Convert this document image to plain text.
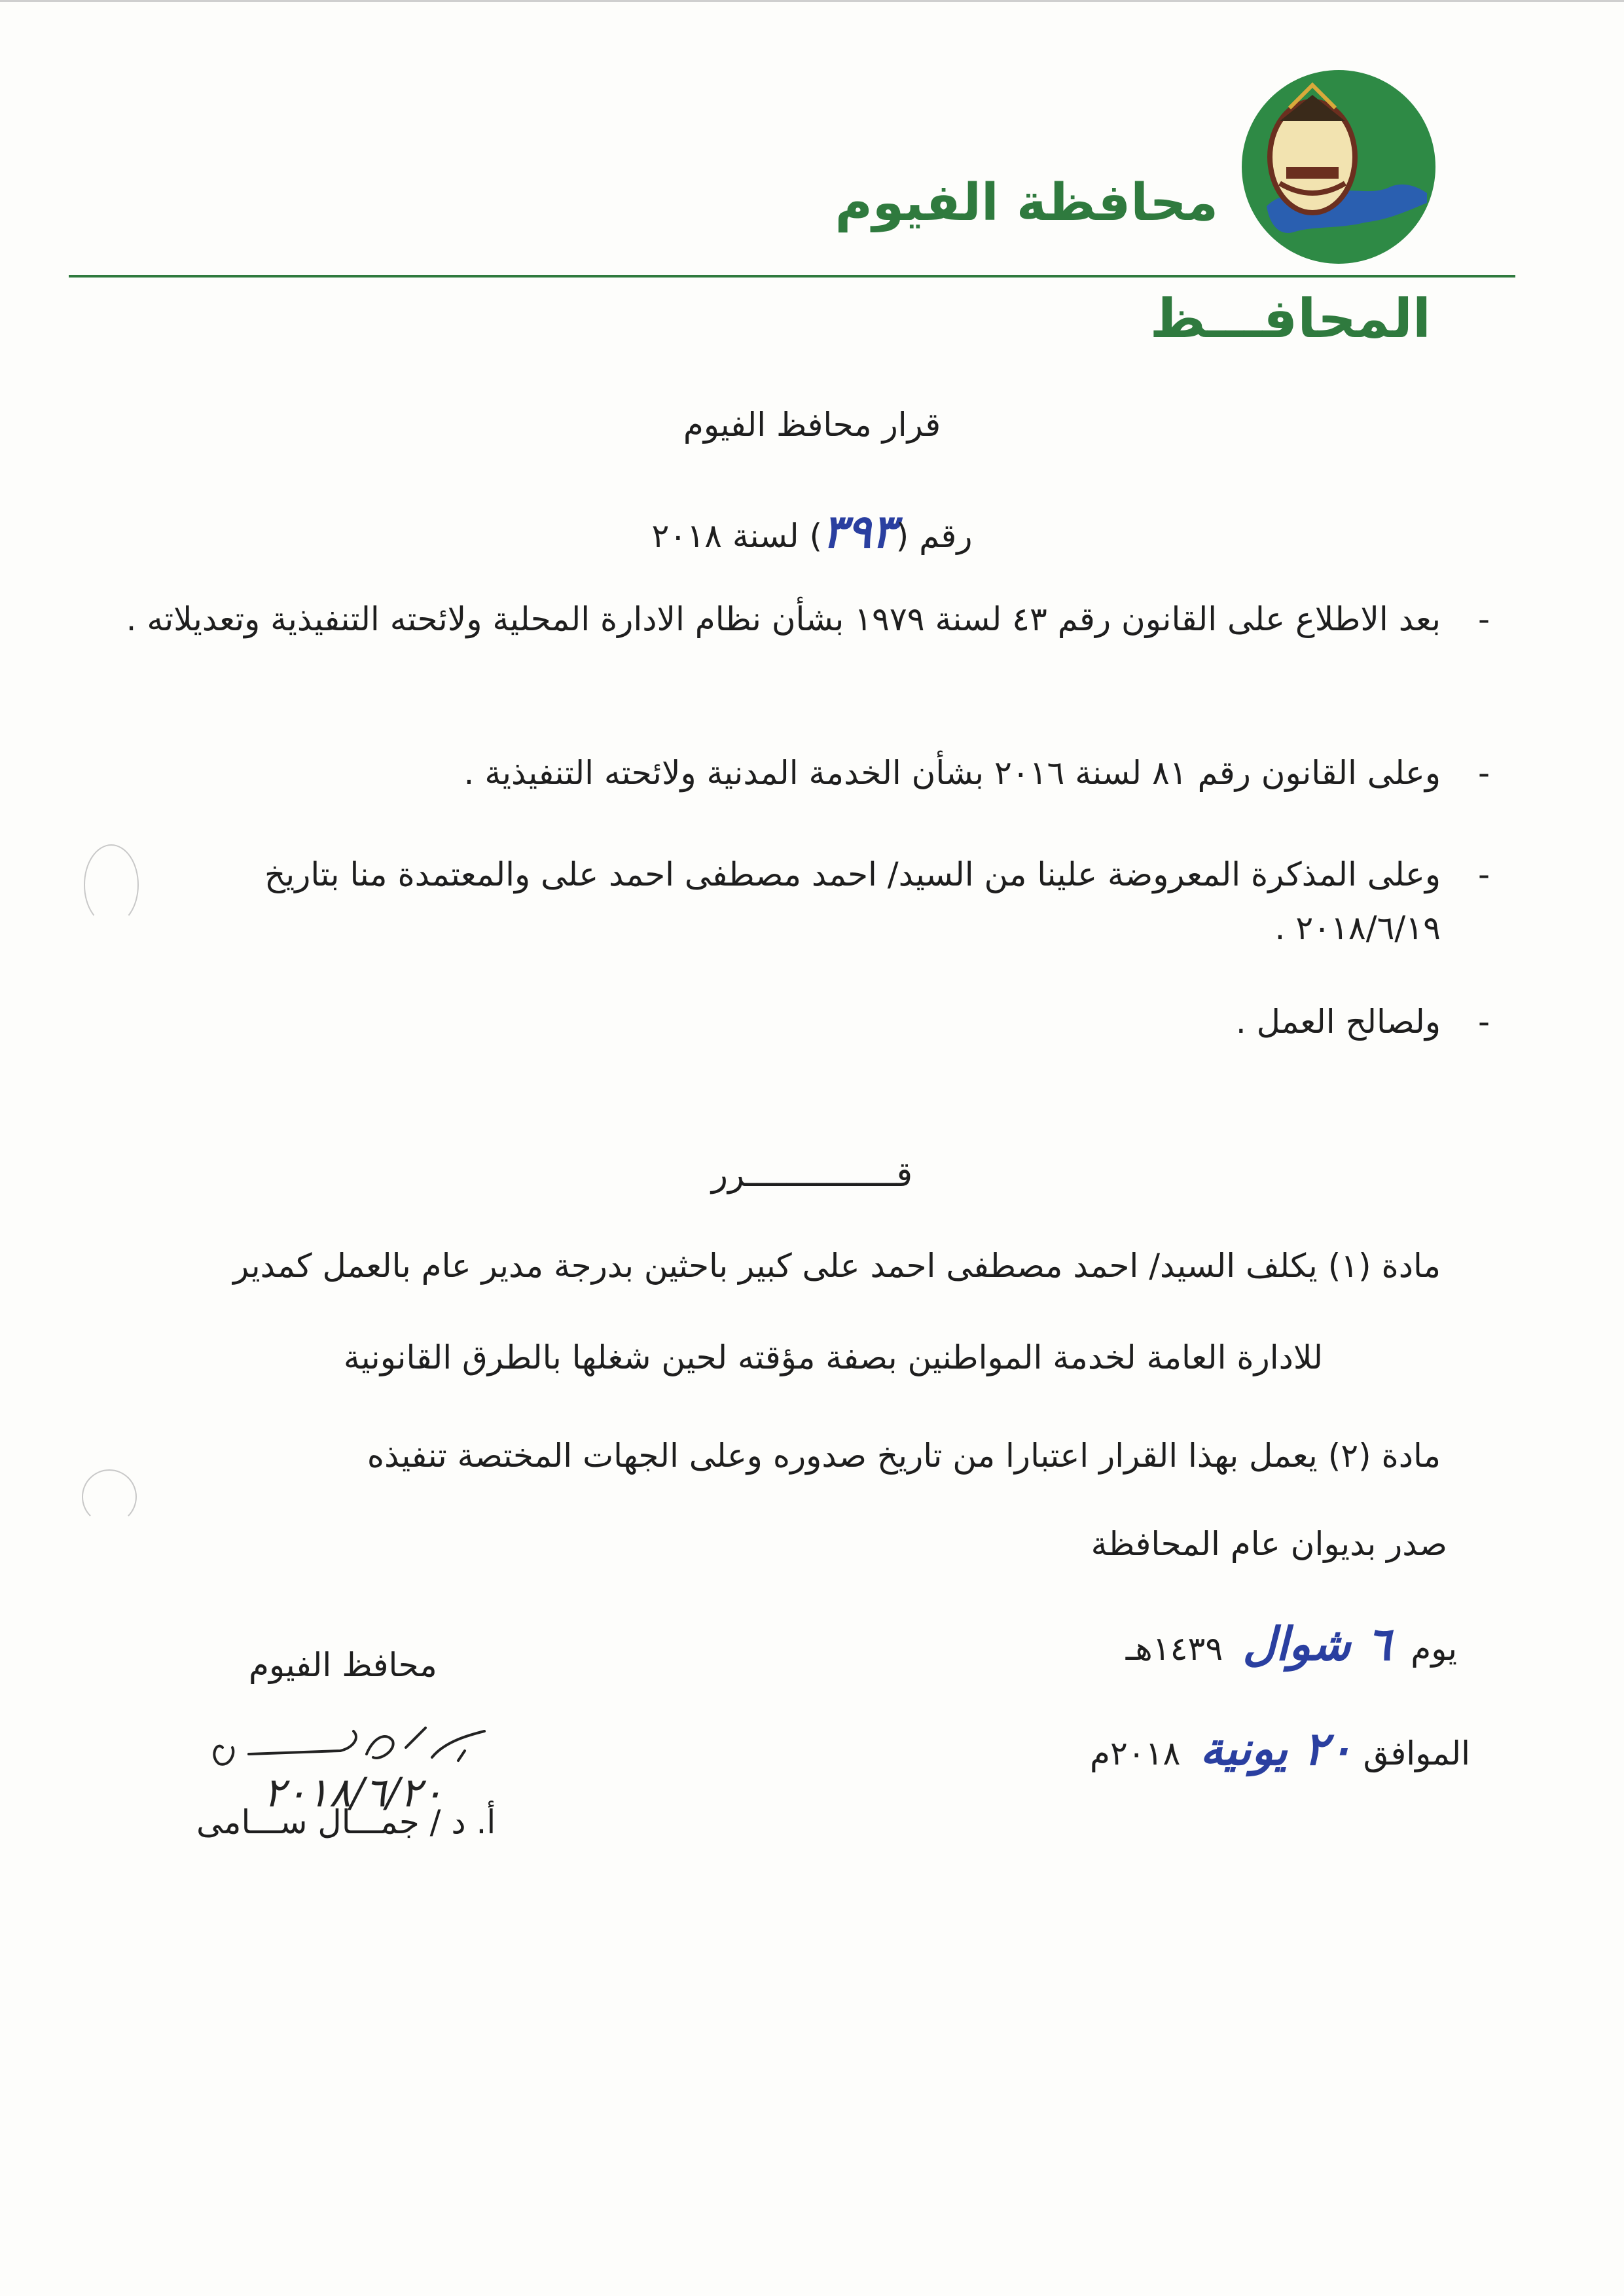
محافظة الفيوم
المحافـــظ
قرار محافظ الفيوم
رقم (٣٩٣) لسنة ٢٠١٨
-
بعد الاطلاع على القانون رقم ٤٣ لسنة ١٩٧٩ بشأن نظام الادارة المحلية ولائحته التنفيذية وتعديلاته .
-
وعلى القانون رقم ٨١ لسنة ٢٠١٦ بشأن الخدمة المدنية ولائحته التنفيذية .
-
وعلى المذكرة المعروضة علينا من السيد/ احمد مصطفى احمد على والمعتمدة منا بتاريخ ٢٠١٨/٦/١٩ .
-
ولصالح العمل .
قـــــــــــــــرر
مادة (١) يكلف السيد/ احمد مصطفى احمد على كبير باحثين بدرجة مدير عام بالعمل كمدير
للادارة العامة لخدمة المواطنين بصفة مؤقته لحين شغلها بالطرق القانونية
مادة (٢) يعمل بهذا القرار اعتبارا من تاريخ صدوره وعلى الجهات المختصة تنفيذه
صدر بديوان عام المحافظة
يوم٦ شوال١٤٣٩هـ
الموافق ٢٠ يونية٢٠١٨م
محافظ الفيوم
٢٠١٨/٦/٢٠
أ. د / جمـــال ســـامى
